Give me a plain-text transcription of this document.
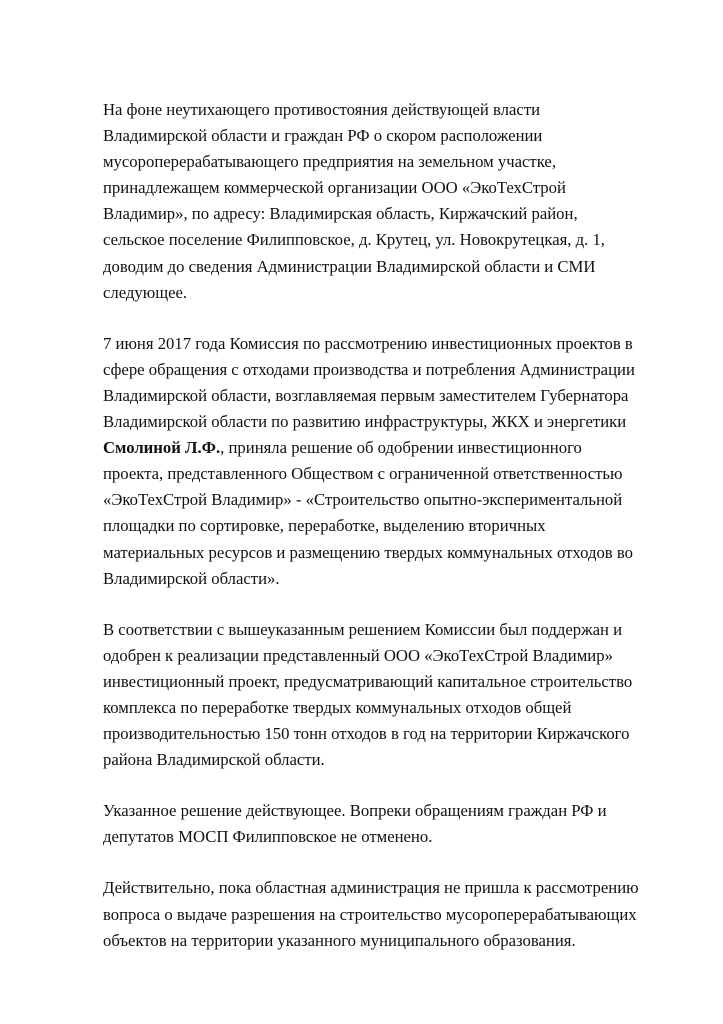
На фоне неутихающего противостояния действующей власти
Владимирской области и граждан РФ о скором расположении
мусороперерабатывающего предприятия на земельном участке,
принадлежащем коммерческой организации ООО «ЭкоТехСтрой
Владимир», по адресу: Владимирская область, Киржачский район,
сельское поселение Филипповское, д. Крутец, ул. Новокрутецкая, д. 1,
доводим до сведения Администрации Владимирской области и СМИ
следующее.

7 июня 2017 года Комиссия по рассмотрению инвестиционных проектов в
сфере обращения с отходами производства и потребления Администрации
Владимирской области, возглавляемая первым заместителем Губернатора
Владимирской области по развитию инфраструктуры, ЖКХ и энергетики
Смолиной Л.Ф., приняла решение об одобрении инвестиционного
проекта, представленного Обществом с ограниченной ответственностью
«ЭкоТехСтрой Владимир» - «Строительство опытно-экспериментальной
площадки по сортировке, переработке, выделению вторичных
материальных ресурсов и размещению твердых коммунальных отходов во
Владимирской области».

В соответствии с вышеуказанным решением Комиссии был поддержан и
одобрен к реализации представленный ООО «ЭкоТехСтрой Владимир»
инвестиционный проект, предусматривающий капитальное строительство
комплекса по переработке твердых коммунальных отходов общей
производительностью 150 тонн отходов в год на территории Киржачского
района Владимирской области.

Указанное решение действующее. Вопреки обращениям граждан РФ и
депутатов МОСП Филипповское не отменено.

Действительно, пока областная администрация не пришла к рассмотрению
вопроса о выдаче разрешения на строительство мусороперерабатывающих
объектов на территории указанного муниципального образования.
